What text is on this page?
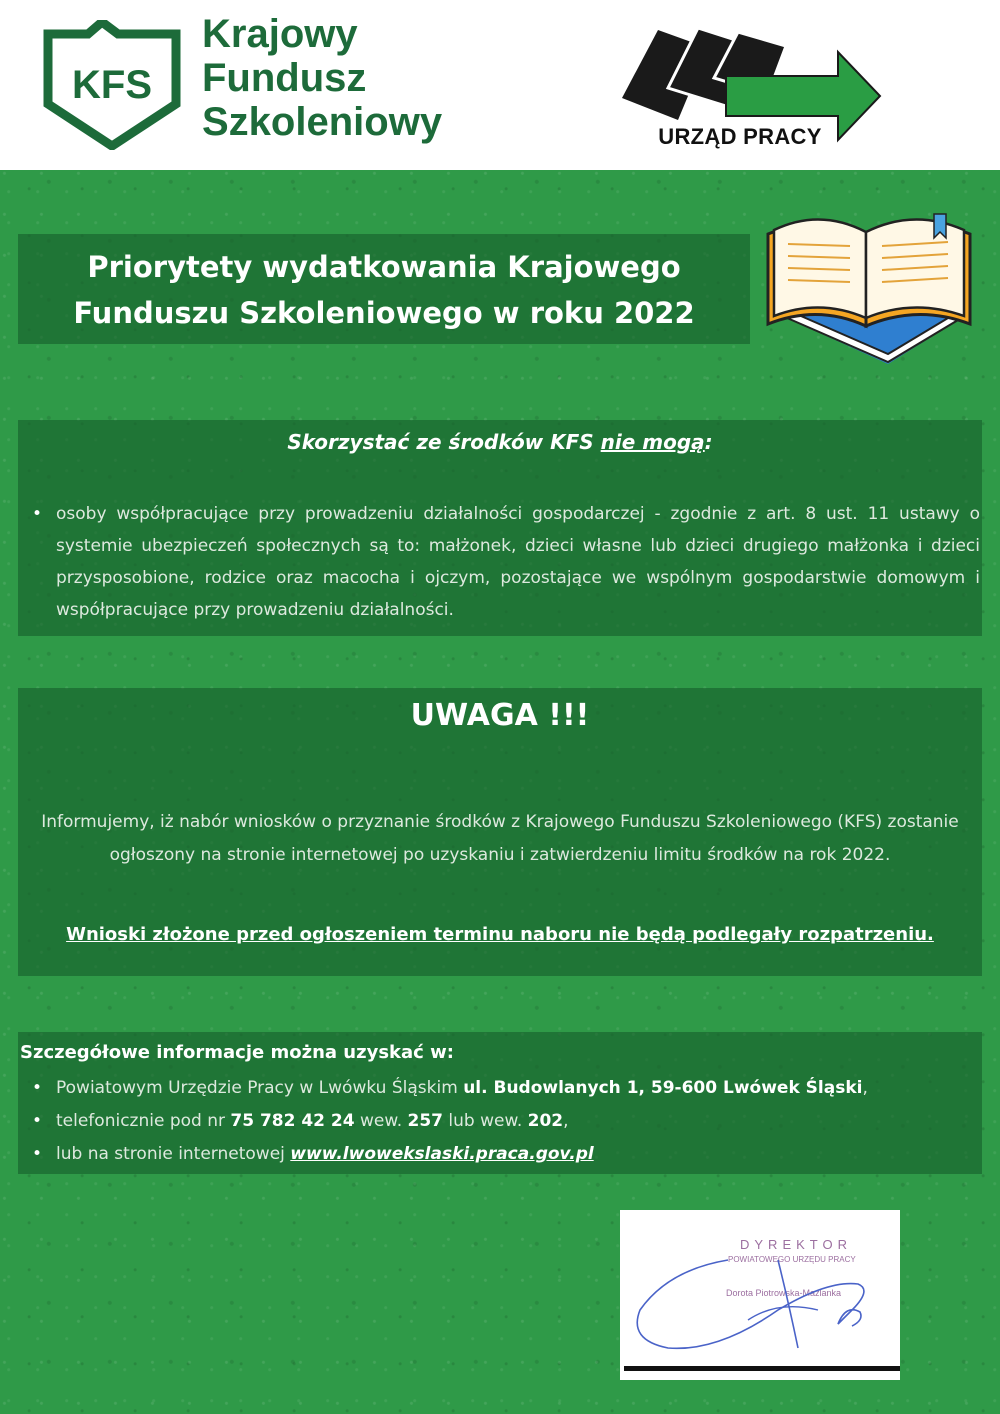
KFS
Krajowy
Fundusz
Szkoleniowy	URZĄD PRACY
Priorytety wydatkowania Krajowego
Funduszu Szkoleniowego w roku 2022
Skorzystać ze środków KFS nie mogą:
• osoby współpracujące przy prowadzeniu działalności gospodarczej - zgodnie z art. 8 ust. 11 ustawy o systemie ubezpieczeń społecznych są to: małżonek, dzieci własne lub dzieci drugiego małżonka i dzieci przysposobione, rodzice oraz macocha i ojczym, pozostające we wspólnym gospodarstwie domowym i współpracujące przy prowadzeniu działalności.
UWAGA !!!
Informujemy, iż nabór wniosków o przyznanie środków z Krajowego Funduszu Szkoleniowego (KFS) zostanie ogłoszony na stronie internetowej po uzyskaniu i zatwierdzeniu limitu środków na rok 2022.
Wnioski złożone przed ogłoszeniem terminu naboru nie będą podlegały rozpatrzeniu.
Szczegółowe informacje można uzyskać w:
• Powiatowym Urzędzie Pracy w Lwówku Śląskim ul. Budowlanych 1, 59-600 Lwówek Śląski,
• telefonicznie pod nr 75 782 42 24 wew. 257 lub wew. 202,
• lub na stronie internetowej www.lwowekslaski.praca.gov.pl
DYREKTOR
POWIATOWEGO URZĘDU PRACY
Dorota Piotrowska-Mazlanka
